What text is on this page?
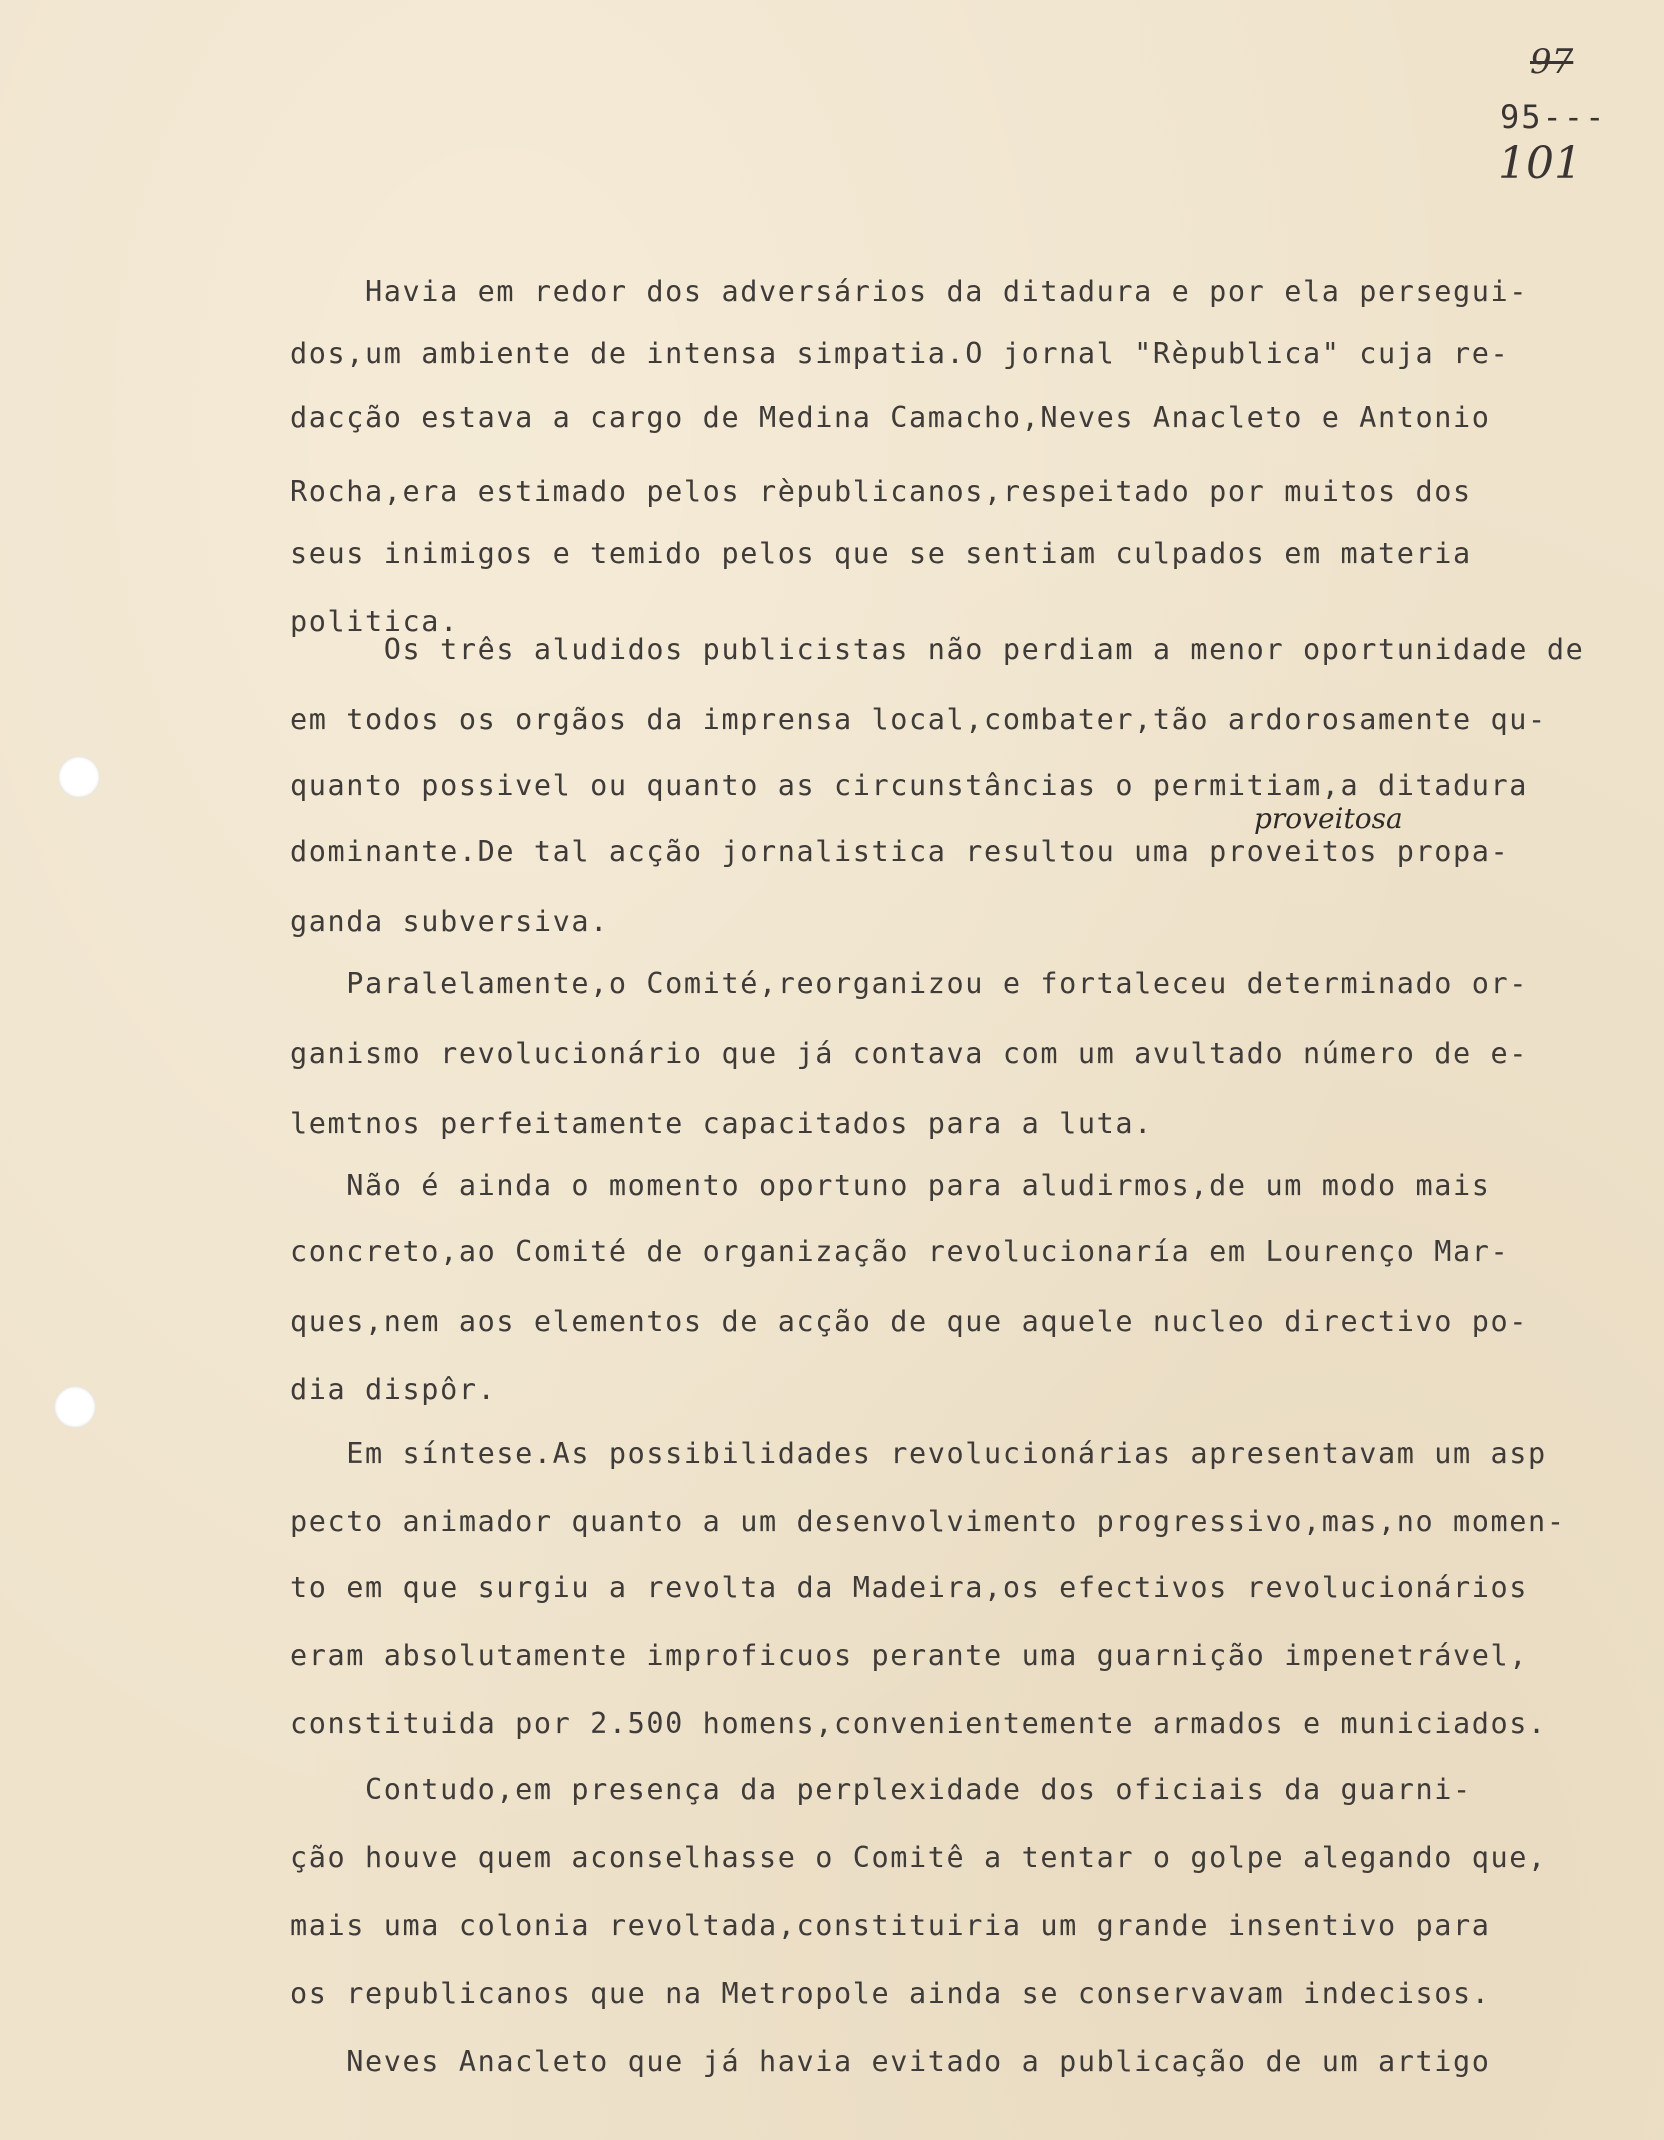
97
95---
101
Havia em redor dos adversários da ditadura e por ela persegui-
dos,um ambiente de intensa simpatia.O jornal "Rèpublica" cuja re-
dacção estava a cargo de Medina Camacho,Neves Anacleto e Antonio
Rocha,era estimado pelos rèpublicanos,respeitado por muitos dos
seus inimigos e temido pelos que se sentiam culpados em materia
politica.
Os três aludidos publicistas não perdiam a menor oportunidade de
em todos os orgãos da imprensa local,combater,tão ardorosamente qu-
quanto possivel ou quanto as circunstâncias o permitiam,a ditadura
dominante.De tal acção jornalistica resultou uma proveitos propa-
ganda subversiva.
Paralelamente,o Comité,reorganizou e fortaleceu determinado or-
ganismo revolucionário que já contava com um avultado número de e-
lemtnos perfeitamente capacitados para a luta.
Não é ainda o momento oportuno para aludirmos,de um modo mais
concreto,ao Comité de organização revolucionaría em Lourenço Mar-
ques,nem aos elementos de acção de que aquele nucleo directivo po-
dia dispôr.
Em síntese.As possibilidades revolucionárias apresentavam um asp
pecto animador quanto a um desenvolvimento progressivo,mas,no momen-
to em que surgiu a revolta da Madeira,os efectivos revolucionários
eram absolutamente improficuos perante uma guarnição impenetrável,
constituida por 2.500 homens,convenientemente armados e municiados.
Contudo,em presença da perplexidade dos oficiais da guarni-
ção houve quem aconselhasse o Comitê a tentar o golpe alegando que,
mais uma colonia revoltada,constituiria um grande insentivo para
os republicanos que na Metropole ainda se conservavam indecisos.
Neves Anacleto que já havia evitado a publicação de um artigo
proveitosa
